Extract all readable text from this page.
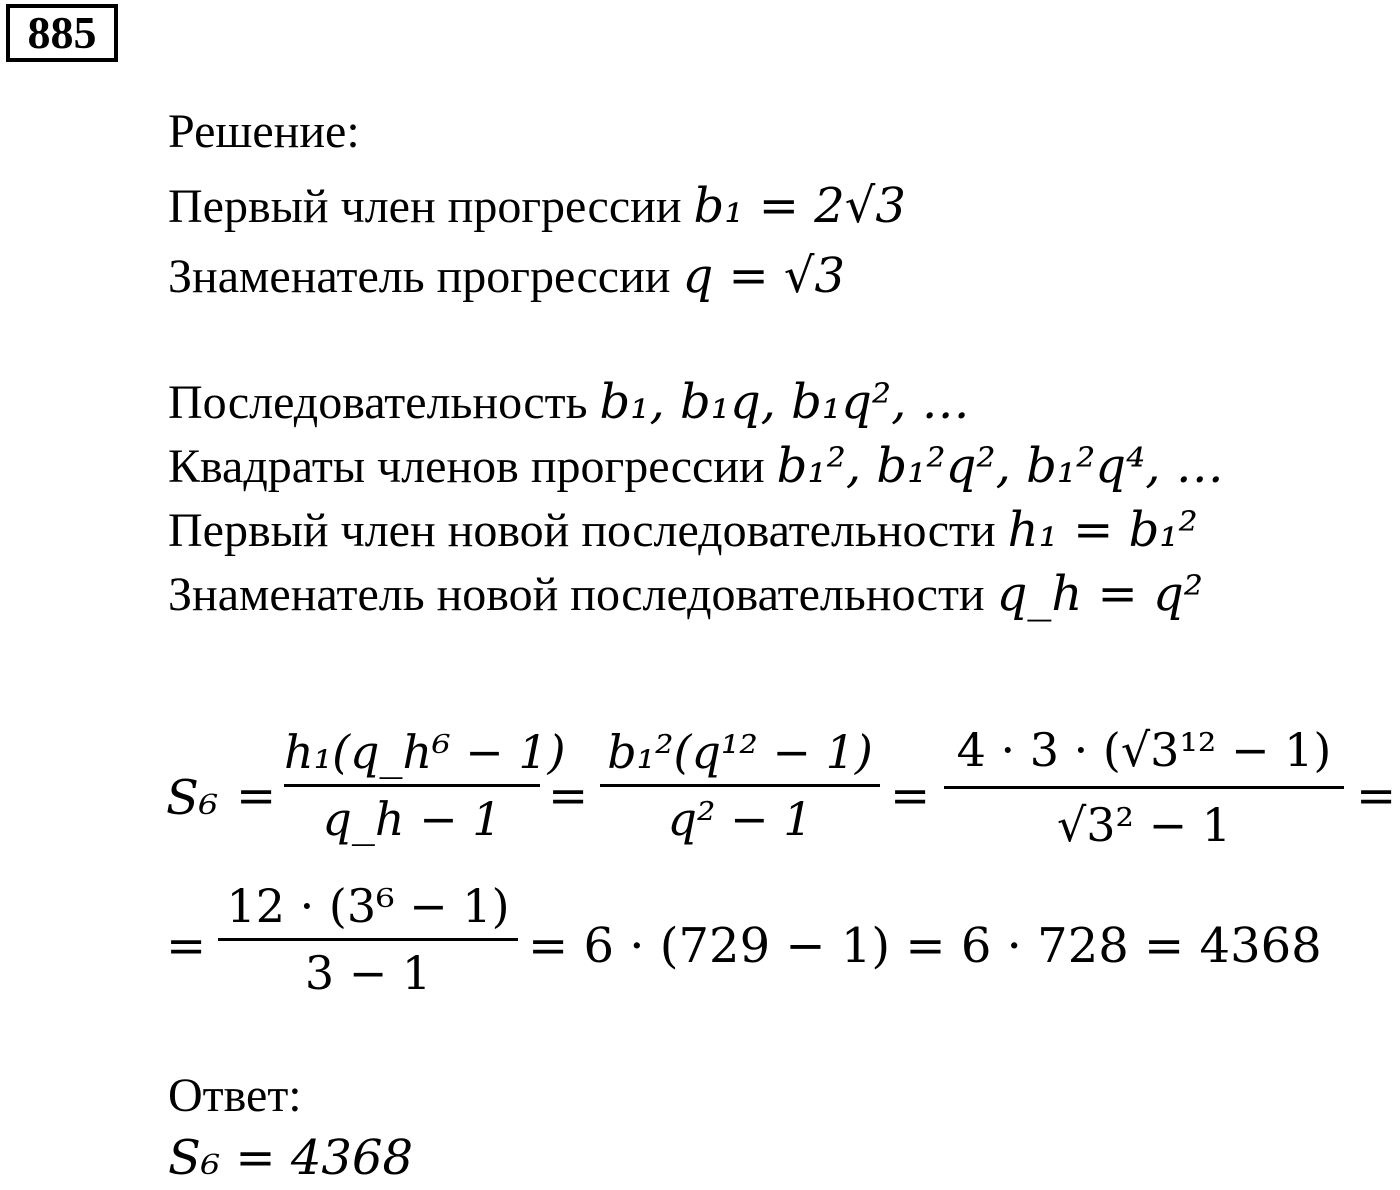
885
Решение:
Первый член прогрессии b₁ = 2√3
Знаменатель прогрессии q = √3
Последовательность b₁, b₁q, b₁q², …
Квадраты членов прогрессии b₁², b₁²q², b₁²q⁴, …
Первый член новой последовательности h₁ = b₁²
Знаменатель новой последовательности q_h = q²
S₆ =
h₁(q_h⁶ − 1)
q_h − 1 =
b₁²(q¹² − 1)
q² − 1	=
4 · 3 · (√3¹² − 1)
√3² − 1
=
=
12 · (3⁶ − 1)
3 − 1	= 6 · (729 − 1) = 6 · 728 = 4368
Ответ:
S₆ = 4368
